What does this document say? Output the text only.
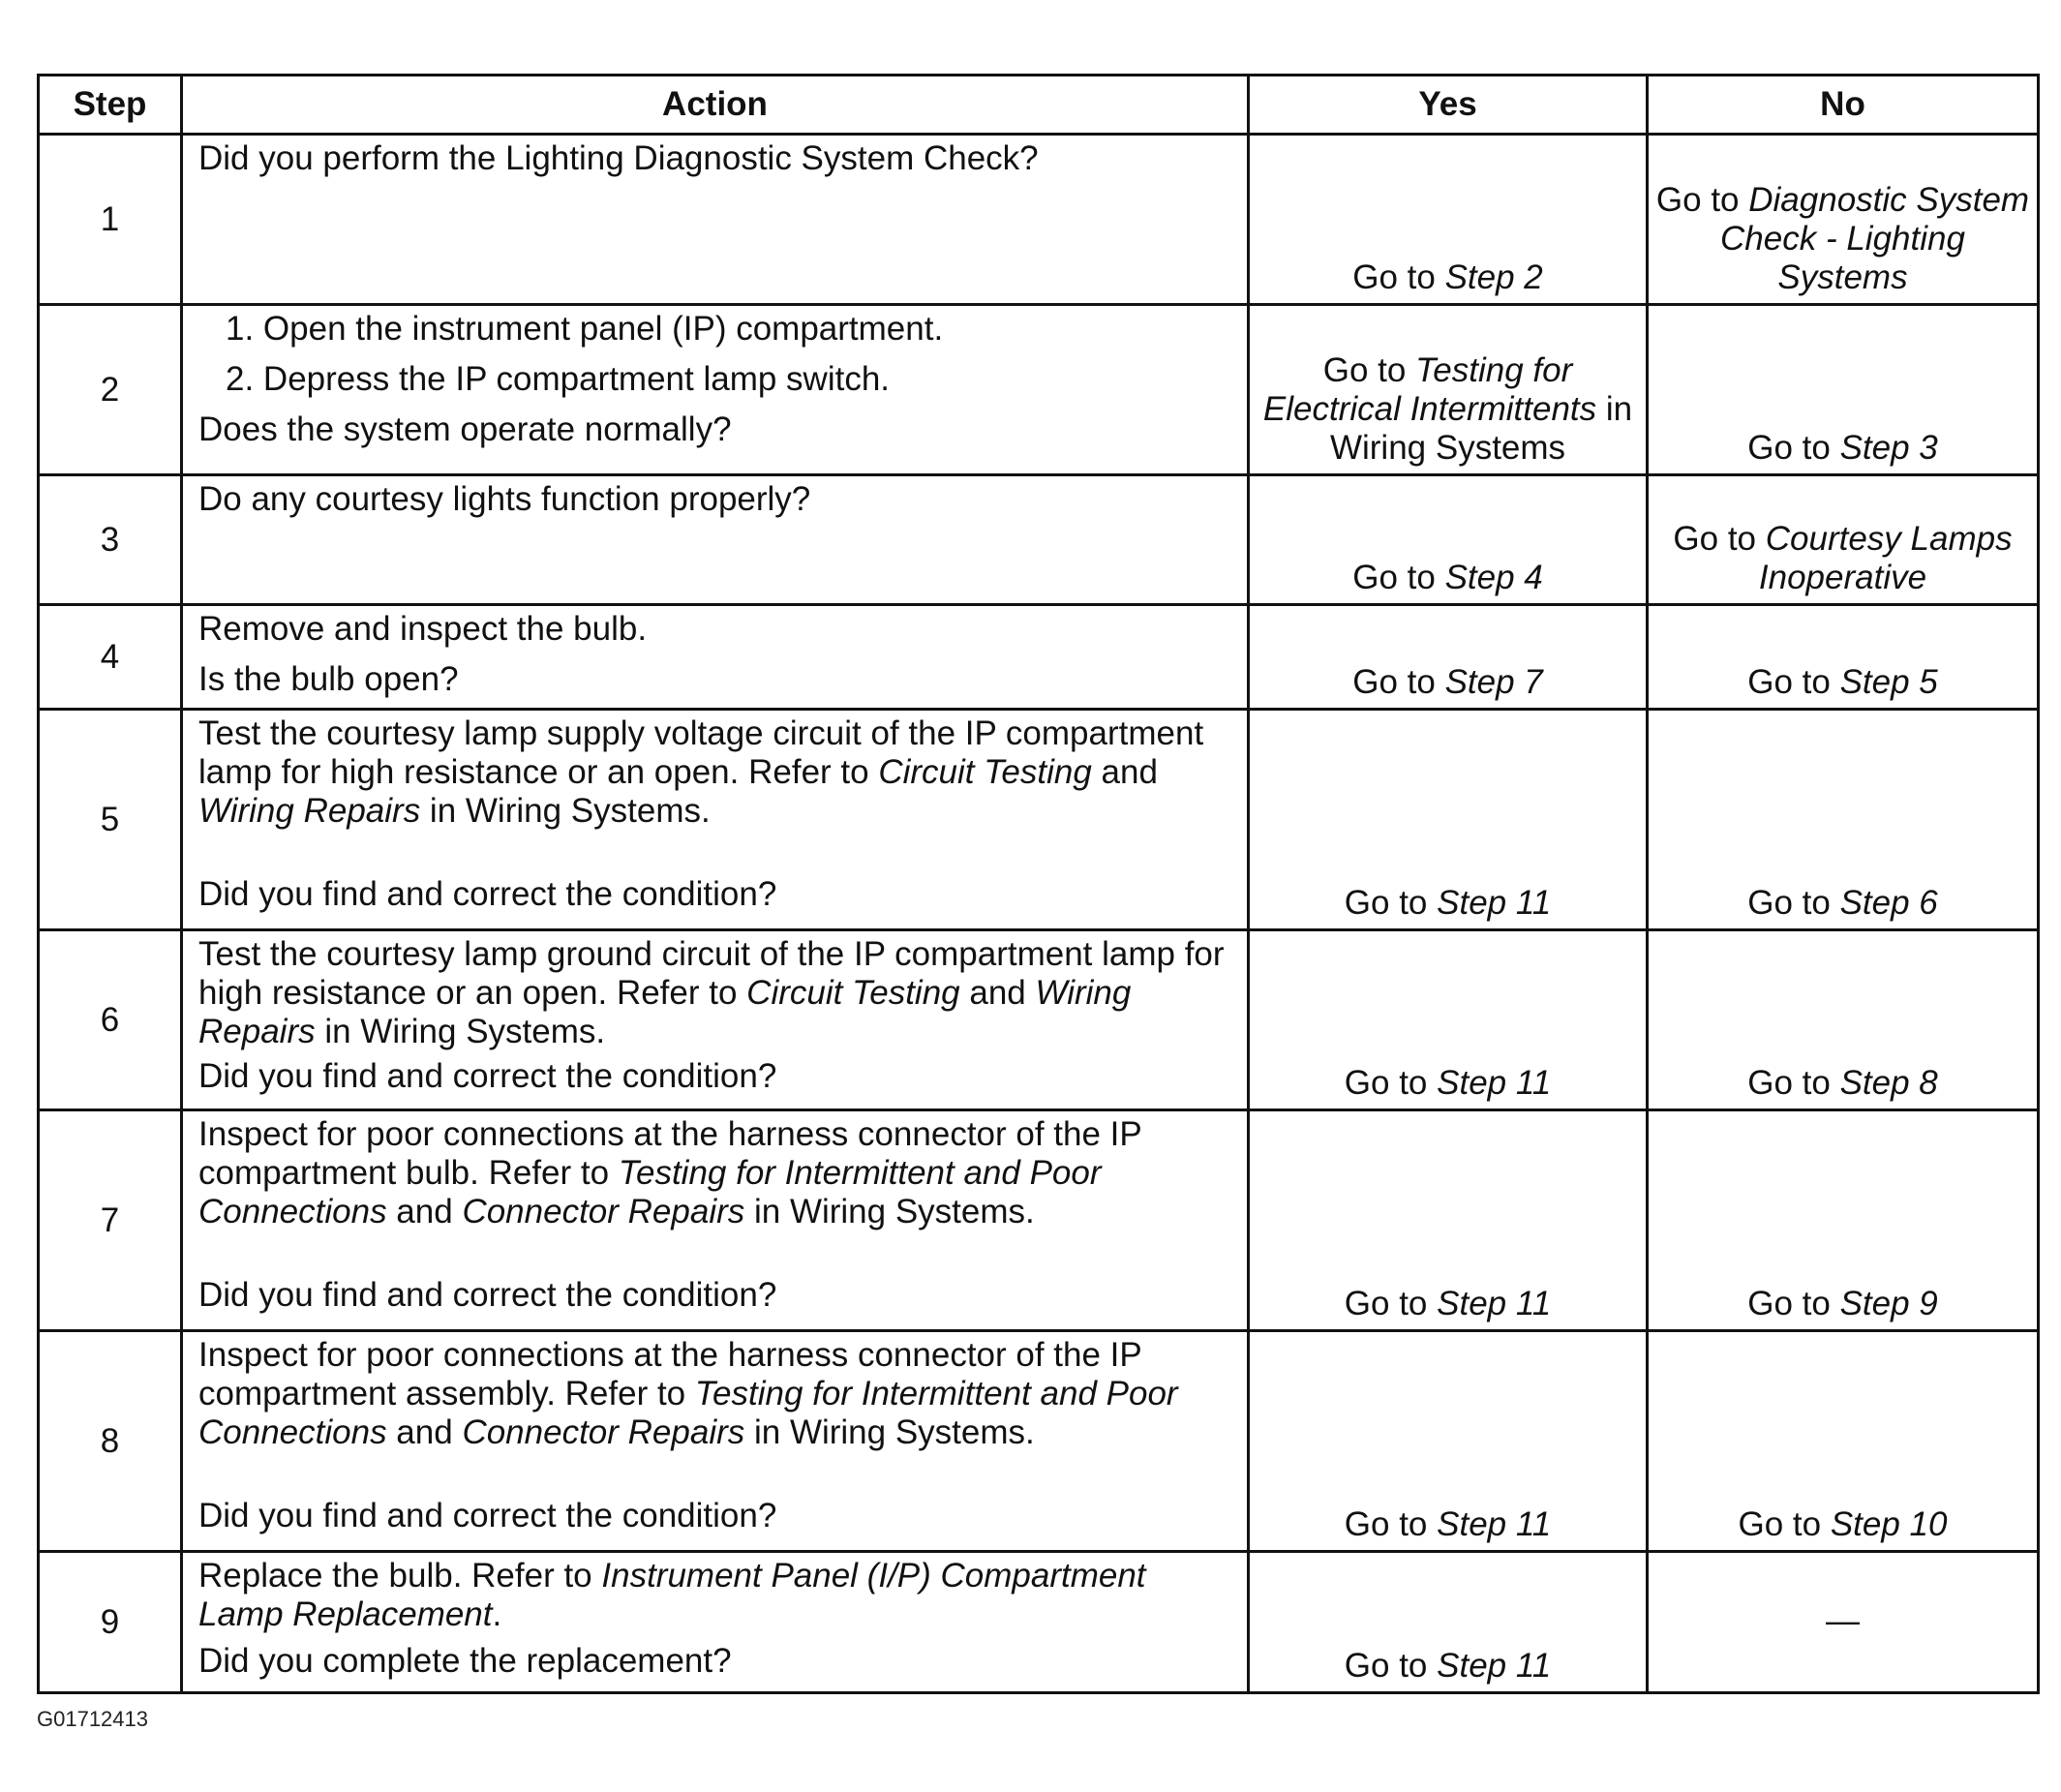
Step	Action	Yes	No
1	Did you perform the Lighting Diagnostic System Check?	Go to Step 2	Go to Diagnostic System Check - Lighting Systems
2	1. Open the instrument panel (IP) compartment.
2. Depress the IP compartment lamp switch.
Does the system operate normally?	Go to Testing for Electrical Intermittents in Wiring Systems	Go to Step 3
3	Do any courtesy lights function properly?	Go to Step 4	Go to Courtesy Lamps Inoperative
4	Remove and inspect the bulb.
Is the bulb open?	Go to Step 7	Go to Step 5
5	Test the courtesy lamp supply voltage circuit of the IP compartment lamp for high resistance or an open. Refer to Circuit Testing and Wiring Repairs in Wiring Systems.
Did you find and correct the condition?	Go to Step 11	Go to Step 6
6	Test the courtesy lamp ground circuit of the IP compartment lamp for high resistance or an open. Refer to Circuit Testing and Wiring Repairs in Wiring Systems.
Did you find and correct the condition?	Go to Step 11	Go to Step 8
7	Inspect for poor connections at the harness connector of the IP compartment bulb. Refer to Testing for Intermittent and Poor Connections and Connector Repairs in Wiring Systems.
Did you find and correct the condition?	Go to Step 11	Go to Step 9
8	Inspect for poor connections at the harness connector of the IP compartment assembly. Refer to Testing for Intermittent and Poor Connections and Connector Repairs in Wiring Systems.
Did you find and correct the condition?	Go to Step 11	Go to Step 10
9	Replace the bulb. Refer to Instrument Panel (I/P) Compartment Lamp Replacement.
Did you complete the replacement?	Go to Step 11	—
G01712413
